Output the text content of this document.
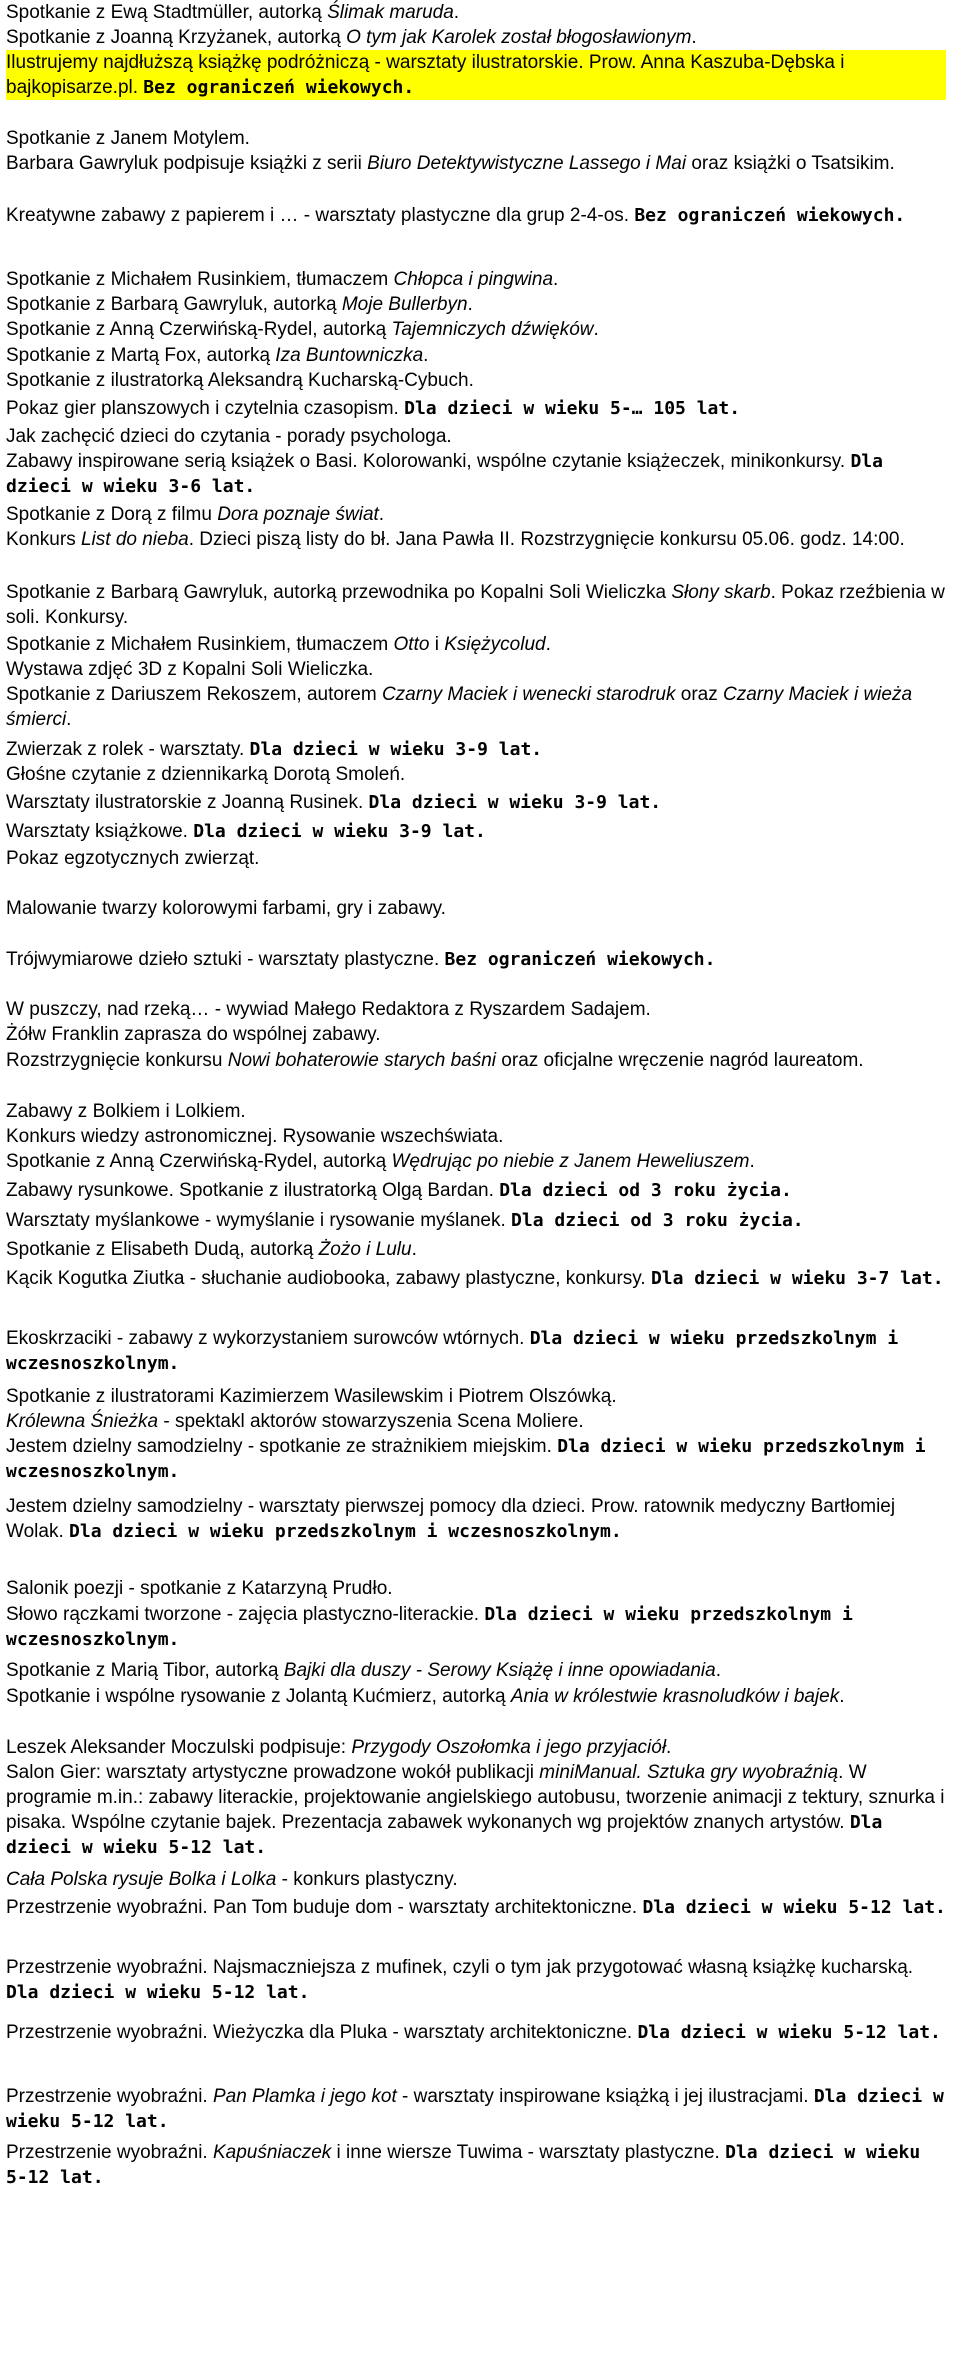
Spotkanie z Ewą Stadtmüller, autorką Ślimak maruda.

Spotkanie z Joanną Krzyżanek, autorką O tym jak Karolek został błogosławionym.

Ilustrujemy najdłuższą książkę podróżniczą - warsztaty ilustratorskie. Prow. Anna Kaszuba-Dębska i bajkopisarze.pl. Bez ograniczeń wiekowych.

Spotkanie z Janem Motylem.

Barbara Gawryluk podpisuje książki z serii Biuro Detektywistyczne Lassego i Mai oraz książki o Tsatsikim.

Kreatywne zabawy z papierem i … - warsztaty plastyczne dla grup 2-4-os. Bez ograniczeń wiekowych.

Spotkanie z Michałem Rusinkiem, tłumaczem Chłopca i pingwina.

Spotkanie z Barbarą Gawryluk, autorką Moje Bullerbyn.

Spotkanie z Anną Czerwińską-Rydel, autorką Tajemniczych dźwięków.

Spotkanie z Martą Fox, autorką Iza Buntowniczka.

Spotkanie z ilustratorką Aleksandrą Kucharską-Cybuch.

Pokaz gier planszowych i czytelnia czasopism. Dla dzieci w wieku 5-… 105 lat.

Jak zachęcić dzieci do czytania - porady psychologa.

Zabawy inspirowane serią książek o Basi. Kolorowanki, wspólne czytanie książeczek, minikonkursy. Dla dzieci w wieku 3-6 lat.

Spotkanie z Dorą z filmu Dora poznaje świat.

Konkurs List do nieba. Dzieci piszą listy do bł. Jana Pawła II. Rozstrzygnięcie konkursu 05.06. godz. 14:00.

Spotkanie z Barbarą Gawryluk, autorką przewodnika po Kopalni Soli Wieliczka Słony skarb. Pokaz rzeźbienia w soli. Konkursy.

Spotkanie z Michałem Rusinkiem, tłumaczem Otto i Księżycolud.

Wystawa zdjęć 3D z Kopalni Soli Wieliczka.

Spotkanie z Dariuszem Rekoszem, autorem Czarny Maciek i wenecki starodruk oraz Czarny Maciek i wieża śmierci.

Zwierzak z rolek - warsztaty. Dla dzieci w wieku 3-9 lat.

Głośne czytanie z dziennikarką Dorotą Smoleń.

Warsztaty ilustratorskie z Joanną Rusinek. Dla dzieci w wieku 3-9 lat.

Warsztaty książkowe. Dla dzieci w wieku 3-9 lat.

Pokaz egzotycznych zwierząt.

Malowanie twarzy kolorowymi farbami, gry i zabawy.

Trójwymiarowe dzieło sztuki - warsztaty plastyczne. Bez ograniczeń wiekowych.

W puszczy, nad rzeką… - wywiad Małego Redaktora z Ryszardem Sadajem.

Żółw Franklin zaprasza do wspólnej zabawy.

Rozstrzygnięcie konkursu Nowi bohaterowie starych baśni oraz oficjalne wręczenie nagród laureatom.

Zabawy z Bolkiem i Lolkiem.

Konkurs wiedzy astronomicznej. Rysowanie wszechświata.

Spotkanie z Anną Czerwińską-Rydel, autorką Wędrując po niebie z Janem Heweliuszem.

Zabawy rysunkowe. Spotkanie z ilustratorką Olgą Bardan. Dla dzieci od 3 roku życia.

Warsztaty myślankowe - wymyślanie i rysowanie myślanek. Dla dzieci od 3 roku życia.

Spotkanie z Elisabeth Dudą, autorką Żożo i Lulu.

Kącik Kogutka Ziutka - słuchanie audiobooka, zabawy plastyczne, konkursy. Dla dzieci w wieku 3-7 lat.

Ekoskrzaciki - zabawy z wykorzystaniem surowców wtórnych. Dla dzieci w wieku przedszkolnym i wczesnoszkolnym.

Spotkanie z ilustratorami Kazimierzem Wasilewskim i Piotrem Olszówką.

Królewna Śnieżka - spektakl aktorów stowarzyszenia Scena Moliere.

Jestem dzielny samodzielny - spotkanie ze strażnikiem miejskim. Dla dzieci w wieku przedszkolnym i wczesnoszkolnym.

Jestem dzielny samodzielny - warsztaty pierwszej pomocy dla dzieci. Prow. ratownik medyczny Bartłomiej Wolak. Dla dzieci w wieku przedszkolnym i wczesnoszkolnym.

Salonik poezji - spotkanie z Katarzyną Prudło.

Słowo rączkami tworzone - zajęcia plastyczno-literackie. Dla dzieci w wieku przedszkolnym i wczesnoszkolnym.

Spotkanie z Marią Tibor, autorką Bajki dla duszy - Serowy Książę i inne opowiadania.

Spotkanie i wspólne rysowanie z Jolantą Kućmierz, autorką Ania w królestwie krasnoludków i bajek.

Leszek Aleksander Moczulski podpisuje: Przygody Oszołomka i jego przyjaciół.

Salon Gier: warsztaty artystyczne prowadzone wokół publikacji miniManual. Sztuka gry wyobraźnią. W programie m.in.: zabawy literackie, projektowanie angielskiego autobusu, tworzenie animacji z tektury, sznurka i pisaka. Wspólne czytanie bajek. Prezentacja zabawek wykonanych wg projektów znanych artystów. Dla dzieci w wieku 5-12 lat.

Cała Polska rysuje Bolka i Lolka - konkurs plastyczny.

Przestrzenie wyobraźni. Pan Tom buduje dom - warsztaty architektoniczne. Dla dzieci w wieku 5-12 lat.

Przestrzenie wyobraźni. Najsmaczniejsza z mufinek, czyli o tym jak przygotować własną książkę kucharską. Dla dzieci w wieku 5-12 lat.

Przestrzenie wyobraźni. Wieżyczka dla Pluka - warsztaty architektoniczne. Dla dzieci w wieku 5-12 lat.

Przestrzenie wyobraźni. Pan Plamka i jego kot - warsztaty inspirowane książką i jej ilustracjami. Dla dzieci w wieku 5-12 lat.

Przestrzenie wyobraźni. Kapuśniaczek i inne wiersze Tuwima - warsztaty plastyczne. Dla dzieci w wieku 5-12 lat.
